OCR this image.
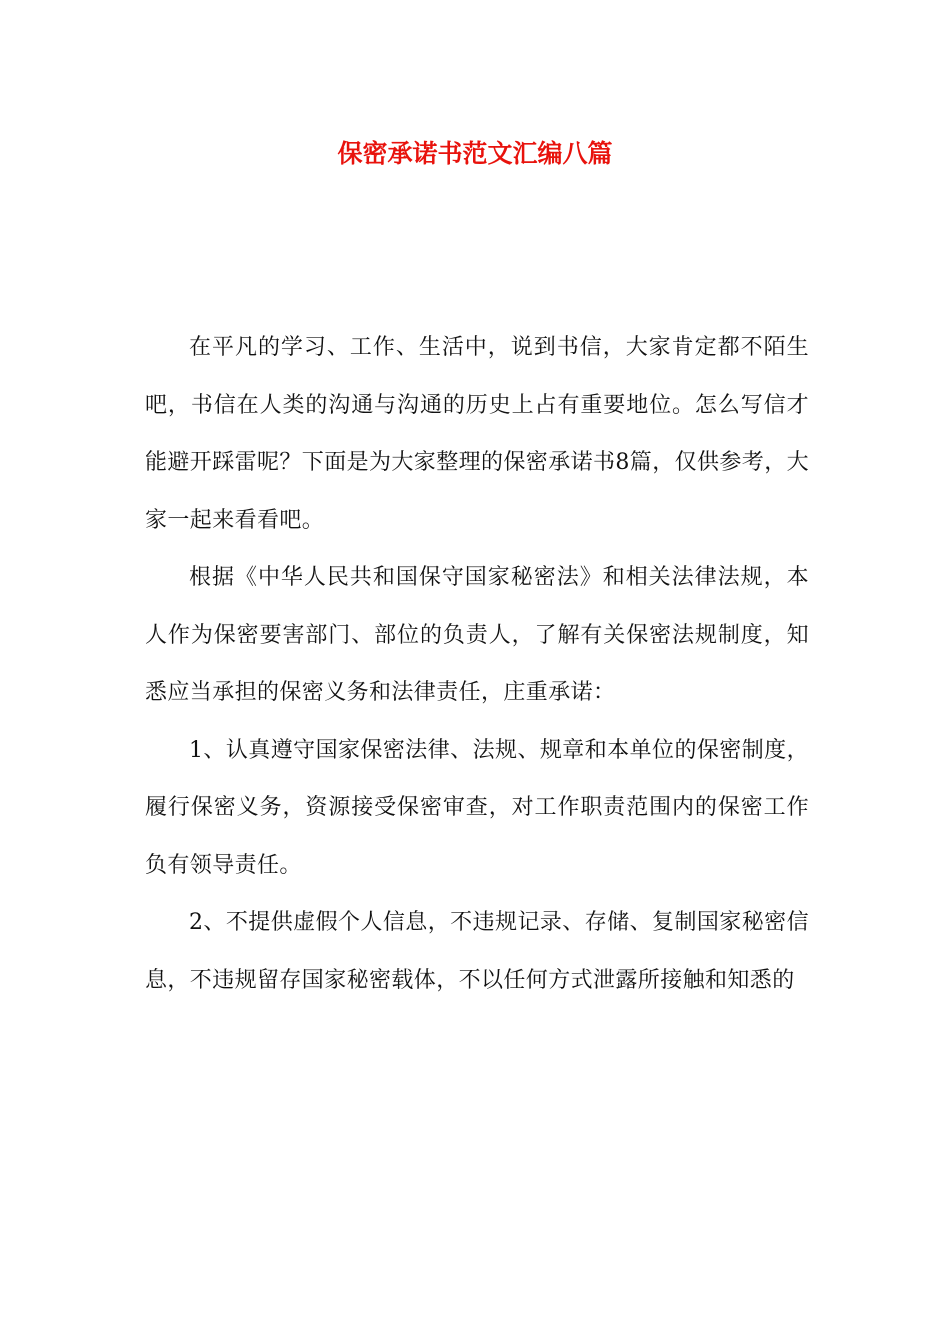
保密承诺书范文汇编八篇

在平凡的学习、工作、生活中，说到书信，大家肯定都不陌生吧，书信在人类的沟通与沟通的历史上占有重要地位。怎么写信才能避开踩雷呢？下面是为大家整理的保密承诺书8篇，仅供参考，大家一起来看看吧。

根据《中华人民共和国保守国家秘密法》和相关法律法规，本人作为保密要害部门、部位的负责人，了解有关保密法规制度，知悉应当承担的保密义务和法律责任，庄重承诺：

1、认真遵守国家保密法律、法规、规章和本单位的保密制度，履行保密义务，资源接受保密审查，对工作职责范围内的保密工作负有领导责任。

2、不提供虚假个人信息，不违规记录、存储、复制国家秘密信息，不违规留存国家秘密载体，不以任何方式泄露所接触和知悉的
